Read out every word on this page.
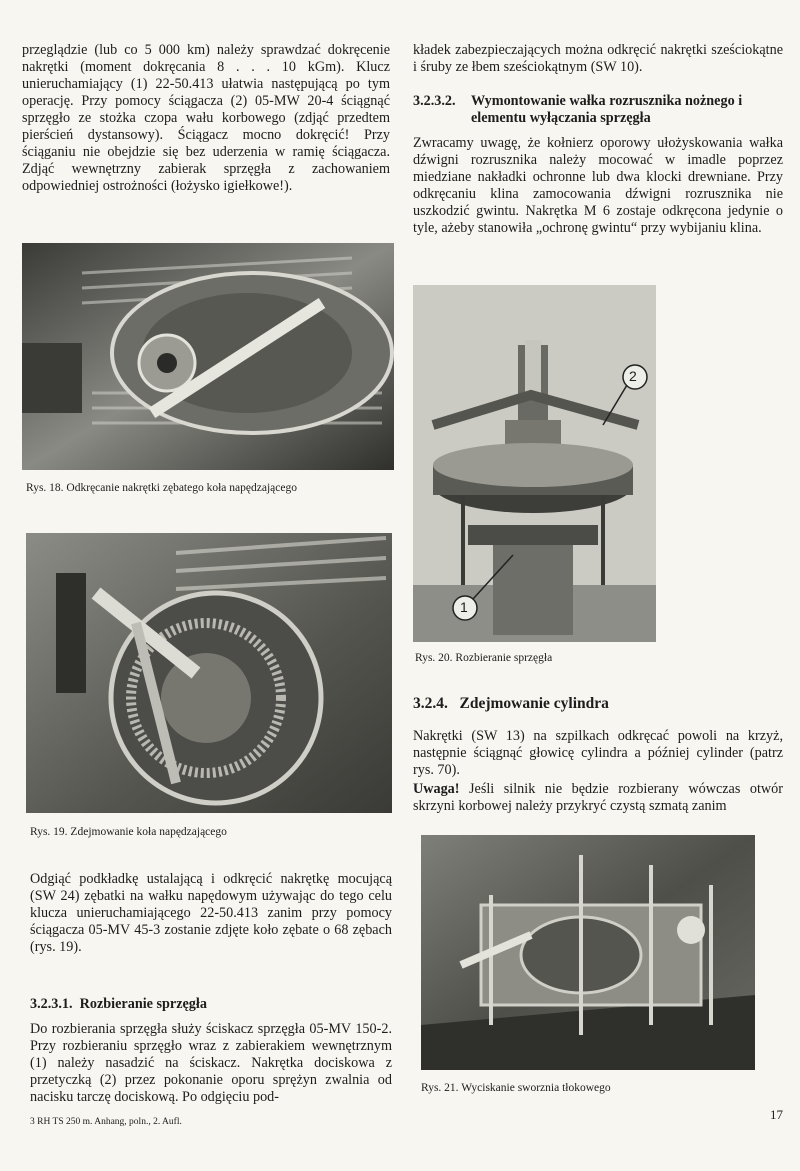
przeglądzie (lub co 5 000 km) należy sprawdzać dokręcenie nakrętki (moment dokręcania 8 . . . 10 kGm). Klucz unieruchamiający (1) 22-50.413 ułatwia następującą po tym operację. Przy pomocy ściągacza (2) 05-MW 20-4 ściągnąć sprzęgło ze stożka czopa wału korbowego (zdjąć przedtem pierścień dystansowy). Ściągacz mocno dokręcić! Przy ściąganiu nie obejdzie się bez uderzenia w ramię ściągacza. Zdjąć wewnętrzny zabierak sprzęgła z zachowaniem odpowiedniej ostrożności (łożysko igiełkowe!).

Rys. 18. Odkręcanie nakrętki zębatego koła napędzającego
Rys. 19. Zdejmowanie koła napędzającego

Odgiąć podkładkę ustalającą i odkręcić nakrętkę mocującą (SW 24) zębatki na wałku napędowym używając do tego celu klucza unieruchamiającego 22-50.413 zanim przy pomocy ściągacza 05-MV 45-3 zostanie zdjęte koło zębate o 68 zębach (rys. 19).

3.2.3.1. Rozbieranie sprzęgła

Do rozbierania sprzęgła służy ściskacz sprzęgła 05-MV 150-2. Przy rozbieraniu sprzęgło wraz z zabierakiem wewnętrznym (1) należy nasadzić na ściskacz. Nakrętka dociskowa z przetyczką (2) przez pokonanie oporu sprężyn zwalnia od nacisku tarczę dociskową. Po odgięciu pod-

3 RH TS 250 m. Anhang, poln., 2. Aufl.

kładek zabezpieczających można odkręcić nakrętki sześciokątne i śruby ze łbem sześciokątnym (SW 10).

3.2.3.2.	Wymontowanie wałka rozrusznika nożnego i elementu wyłączania sprzęgła

Zwracamy uwagę, że kołnierz oporowy ułożyskowania wałka dźwigni rozrusznika należy mocować w imadle poprzez miedziane nakładki ochronne lub dwa klocki drewniane. Przy odkręcaniu klina zamocowania dźwigni rozrusznika nie uszkodzić gwintu. Nakrętka M 6 zostaje odkręcona jedynie o tyle, ażeby stanowiła „ochronę gwintu“ przy wybijaniu klina.

2
1
Rys. 20. Rozbieranie sprzęgła
3.2.4. Zdejmowanie cylindra

Nakrętki (SW 13) na szpilkach odkręcać powoli na krzyż, następnie ściągnąć głowicę cylindra a później cylinder (patrz rys. 70).

Uwaga! Jeśli silnik nie będzie rozbierany wówczas otwór skrzyni korbowej należy przykryć czystą szmatą zanim

Rys. 21. Wyciskanie sworznia tłokowego
17
